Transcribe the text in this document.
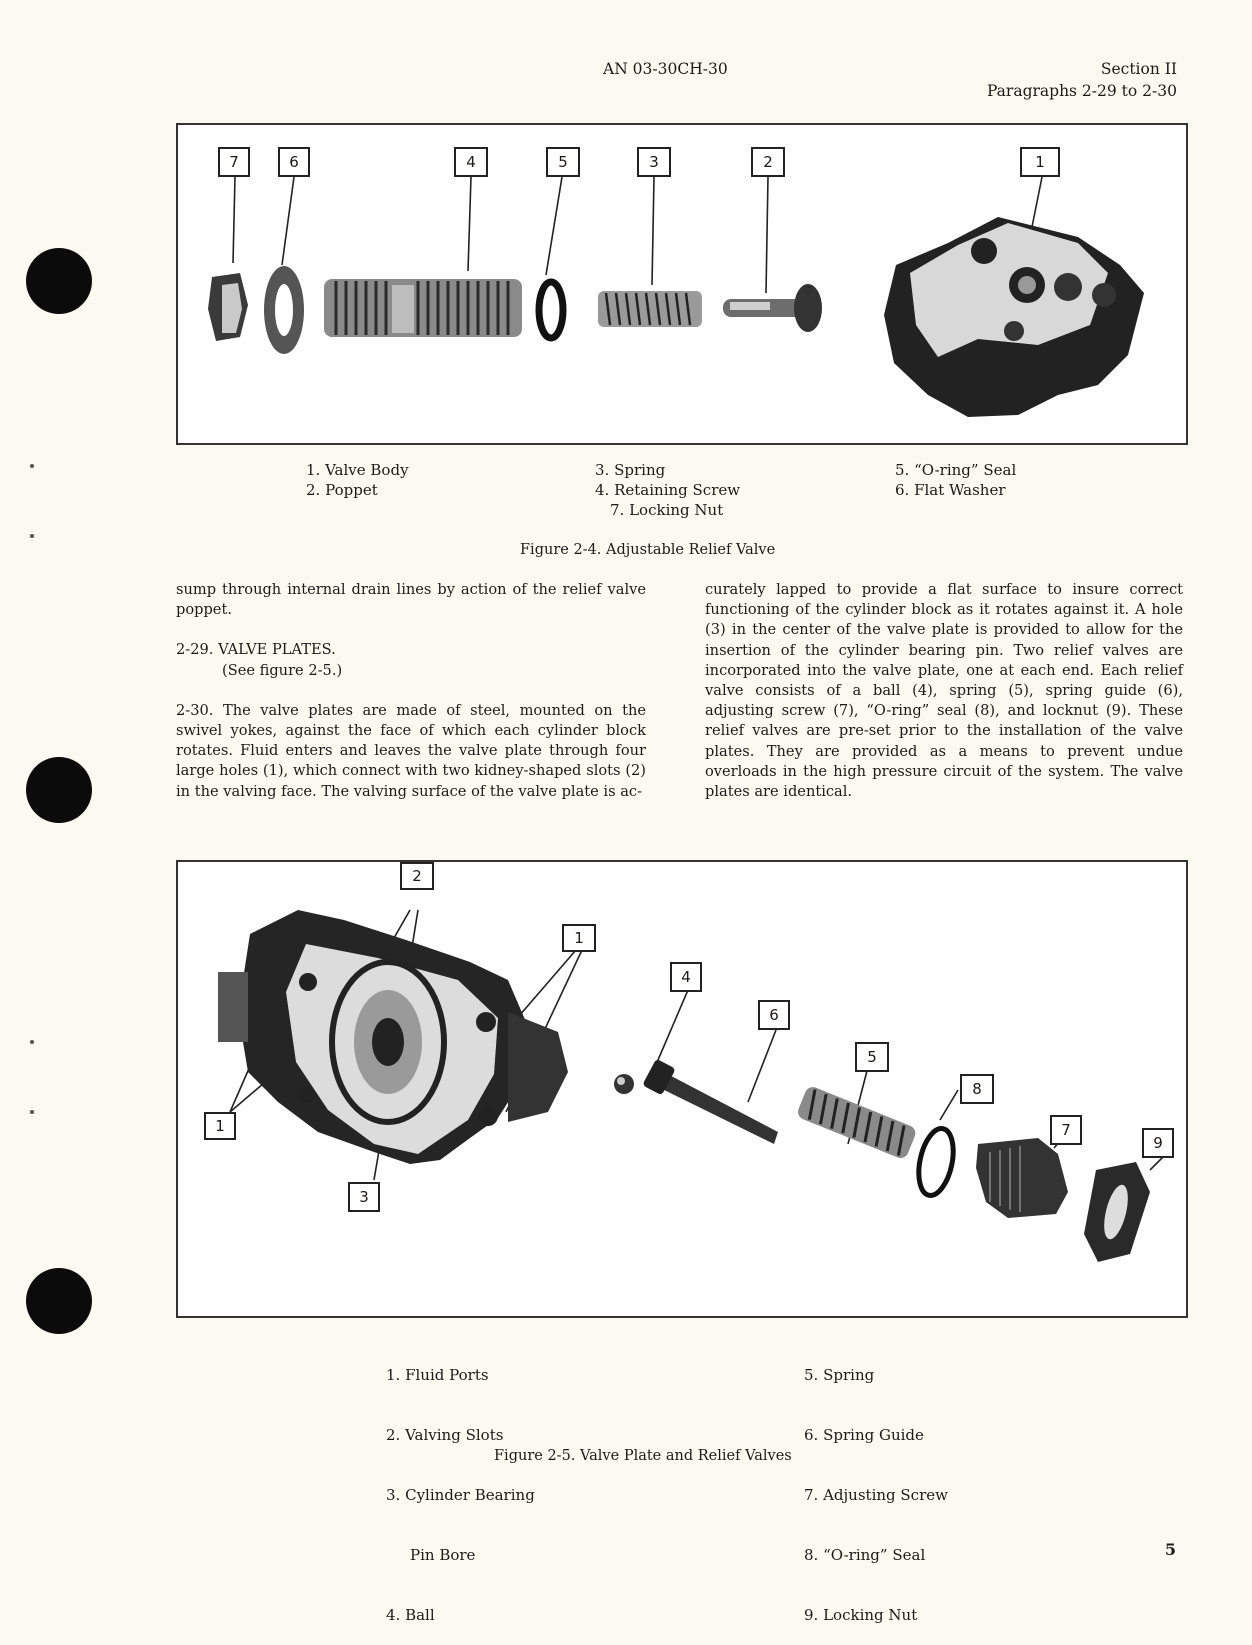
AN 03-30CH-30	Section II
Paragraphs 2-29 to 2-30
7	6	4	5	3	2	1
1. Valve Body
2. Poppet
3. Spring
4. Retaining Screw
7. Locking Nut
5. “O-ring” Seal
6. Flat Washer
Figure 2-4. Adjustable Relief Valve

sump through internal drain lines by action of the relief valve poppet.

2-29. VALVE PLATES.

(See figure 2-5.)

2-30. The valve plates are made of steel, mounted on the swivel yokes, against the face of which each cylinder block rotates. Fluid enters and leaves the valve plate through four large holes (1), which connect with two kidney-shaped slots (2) in the valving face. The valving surface of the valve plate is ac-

curately lapped to provide a flat surface to insure correct functioning of the cylinder block as it rotates against it. A hole (3) in the center of the valve plate is provided to allow for the insertion of the cylinder bearing pin. Two relief valves are incorporated into the valve plate, one at each end. Each relief valve consists of a ball (4), spring (5), spring guide (6), adjusting screw (7), “O-ring” seal (8), and locknut (9). These relief valves are pre-set prior to the installation of the valve plates. They are provided as a means to prevent undue overloads in the high pressure circuit of the system. The valve plates are identical.

2
1
4
6
5
8
7
9
1
3

1. Fluid Ports

2. Valving Slots

3. Cylinder Bearing

Pin Bore

4. Ball

5. Spring

6. Spring Guide

7. Adjusting Screw

8. “O-ring” Seal

9. Locking Nut

Figure 2-5. Valve Plate and Relief Valves
5
